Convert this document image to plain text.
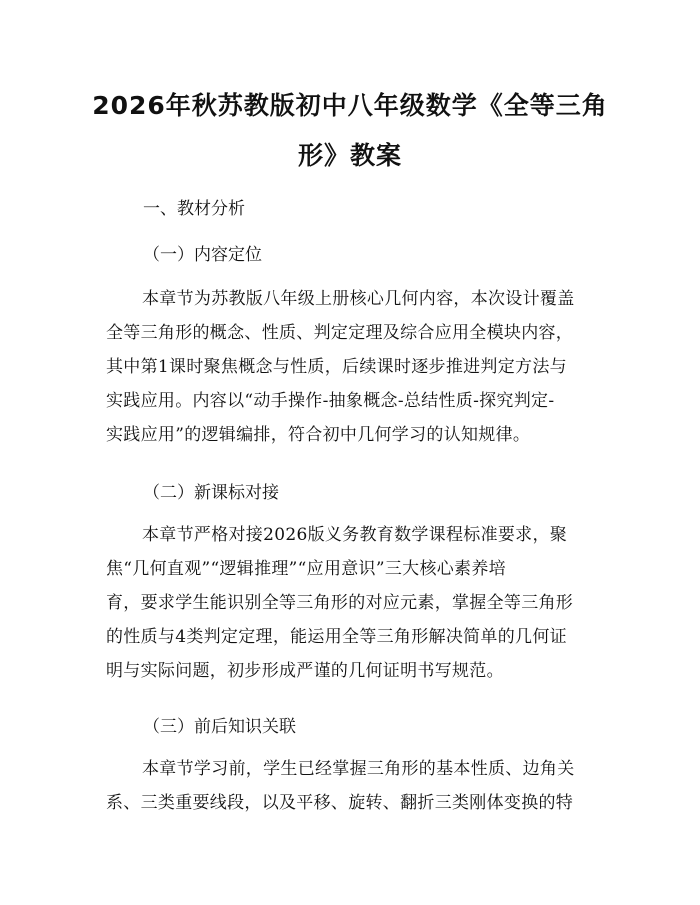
2026年秋苏教版初中八年级数学《全等三角
形》教案

一、教材分析

（一）内容定位

本章节为苏教版八年级上册核心几何内容，本次设计覆盖
全等三角形的概念、性质、判定定理及综合应用全模块内容，
其中第1课时聚焦概念与性质，后续课时逐步推进判定方法与
实践应用。内容以“动手操作-抽象概念-总结性质-探究判定-
实践应用”的逻辑编排，符合初中几何学习的认知规律。

（二）新课标对接

本章节严格对接2026版义务教育数学课程标准要求，聚
焦“几何直观”“逻辑推理”“应用意识”三大核心素养培
育，要求学生能识别全等三角形的对应元素，掌握全等三角形
的性质与4类判定定理，能运用全等三角形解决简单的几何证
明与实际问题，初步形成严谨的几何证明书写规范。

（三）前后知识关联

本章节学习前，学生已经掌握三角形的基本性质、边角关
系、三类重要线段，以及平移、旋转、翻折三类刚体变换的特
